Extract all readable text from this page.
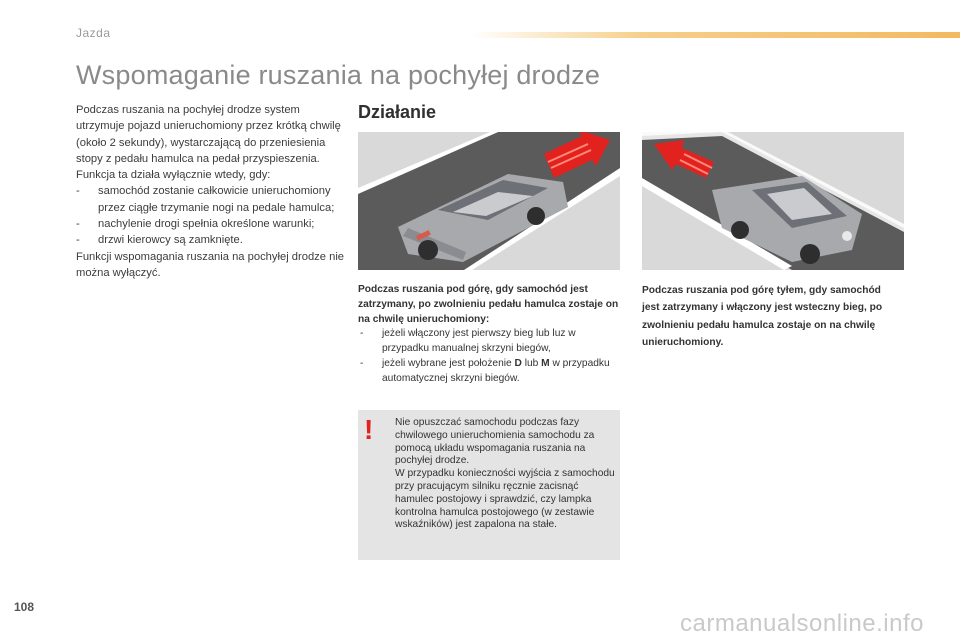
Jazda
Wspomaganie ruszania na pochyłej drodze

Podczas ruszania na pochyłej drodze system utrzymuje pojazd unieruchomiony przez krótką chwilę (około 2 sekundy), wystarczającą do przeniesienia stopy z pedału hamulca na pedał przyspieszenia.

Funkcja ta działa wyłącznie wtedy, gdy:

- samochód zostanie całkowicie unieruchomiony przez ciągłe trzymanie nogi na pedale hamulca;
- nachylenie drogi spełnia określone warunki;
- drzwi kierowcy są zamknięte.

Funkcji wspomagania ruszania na pochyłej drodze nie można wyłączyć.

Działanie

Podczas ruszania pod górę, gdy samochód jest zatrzymany, po zwolnieniu pedału hamulca zostaje on na chwilę unieruchomiony:

- jeżeli włączony jest pierwszy bieg lub luz w przypadku manualnej skrzyni biegów,
- jeżeli wybrane jest położenie D lub M w przypadku automatycznej skrzyni biegów.
Podczas ruszania pod górę tyłem, gdy samochód jest zatrzymany i włączony jest wsteczny bieg, po zwolnieniu pedału hamulca zostaje on na chwilę unieruchomiony.
! Nie opuszczać samochodu podczas fazy chwilowego unieruchomienia samochodu za pomocą układu wspomagania ruszania na pochyłej drodze.

W przypadku konieczności wyjścia z samochodu przy pracującym silniku ręcznie zacisnąć hamulec postojowy i sprawdzić, czy lampka kontrolna hamulca postojowego (w zestawie wskaźników) jest zapalona na stałe.

108
carmanualsonline.info
